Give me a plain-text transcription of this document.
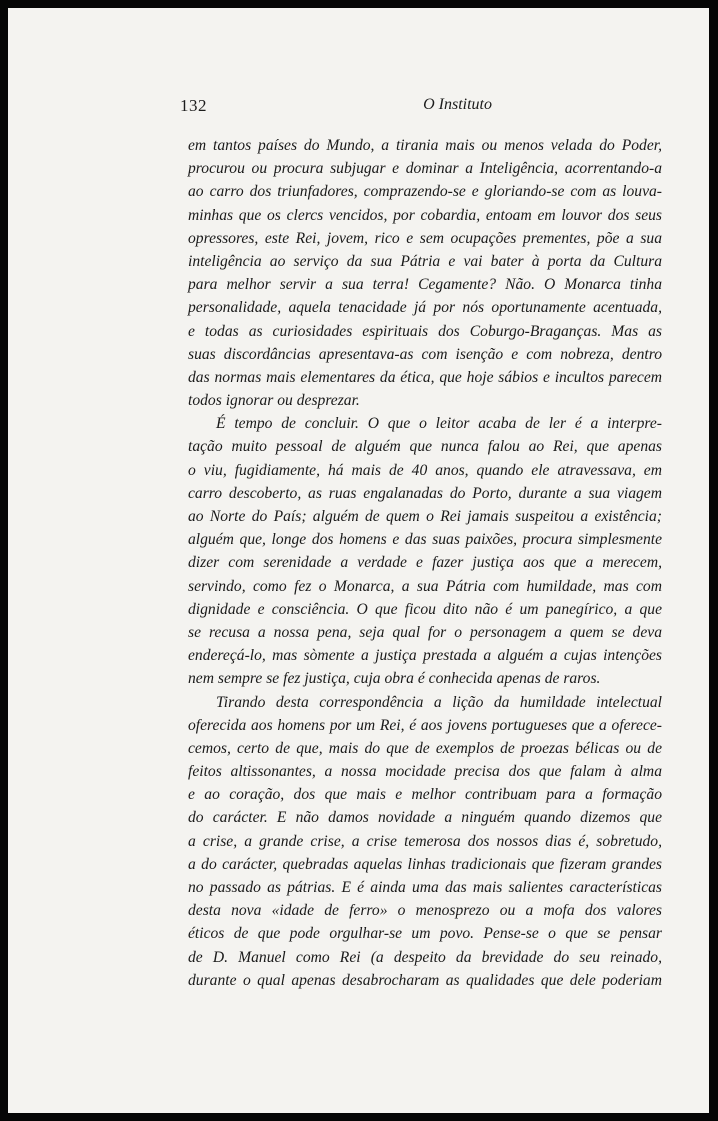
132	O Instituto
em tantos países do Mundo, a tirania mais ou menos velada do Poder,
procurou ou procura subjugar e dominar a Inteligência, acorrentando-a
ao carro dos triunfadores, comprazendo-se e gloriando-se com as louva-
minhas que os clercs vencidos, por cobardia, entoam em louvor dos seus
opressores, este Rei, jovem, rico e sem ocupações prementes, põe a sua
inteligência ao serviço da sua Pátria e vai bater à porta da Cultura
para melhor servir a sua terra! Cegamente? Não. O Monarca tinha
personalidade, aquela tenacidade já por nós oportunamente acentuada,
e todas as curiosidades espirituais dos Coburgo-Braganças. Mas as
suas discordâncias apresentava-as com isenção e com nobreza, dentro
das normas mais elementares da ética, que hoje sábios e incultos parecem
todos ignorar ou desprezar.
É tempo de concluir. O que o leitor acaba de ler é a interpre-
tação muito pessoal de alguém que nunca falou ao Rei, que apenas
o viu, fugidiamente, há mais de 40 anos, quando ele atravessava, em
carro descoberto, as ruas engalanadas do Porto, durante a sua viagem
ao Norte do País; alguém de quem o Rei jamais suspeitou a existência;
alguém que, longe dos homens e das suas paixões, procura simplesmente
dizer com serenidade a verdade e fazer justiça aos que a merecem,
servindo, como fez o Monarca, a sua Pátria com humildade, mas com
dignidade e consciência. O que ficou dito não é um panegírico, a que
se recusa a nossa pena, seja qual for o personagem a quem se deva
endereçá-lo, mas sòmente a justiça prestada a alguém a cujas intenções
nem sempre se fez justiça, cuja obra é conhecida apenas de raros.
Tirando desta correspondência a lição da humildade intelectual
oferecida aos homens por um Rei, é aos jovens portugueses que a oferece-
cemos, certo de que, mais do que de exemplos de proezas bélicas ou de
feitos altissonantes, a nossa mocidade precisa dos que falam à alma
e ao coração, dos que mais e melhor contribuam para a formação
do carácter. E não damos novidade a ninguém quando dizemos que
a crise, a grande crise, a crise temerosa dos nossos dias é, sobretudo,
a do carácter, quebradas aquelas linhas tradicionais que fizeram grandes
no passado as pátrias. E é ainda uma das mais salientes características
desta nova «idade de ferro» o menosprezo ou a mofa dos valores
éticos de que pode orgulhar-se um povo. Pense-se o que se pensar
de D. Manuel como Rei (a despeito da brevidade do seu reinado,
durante o qual apenas desabrocharam as qualidades que dele poderiam
